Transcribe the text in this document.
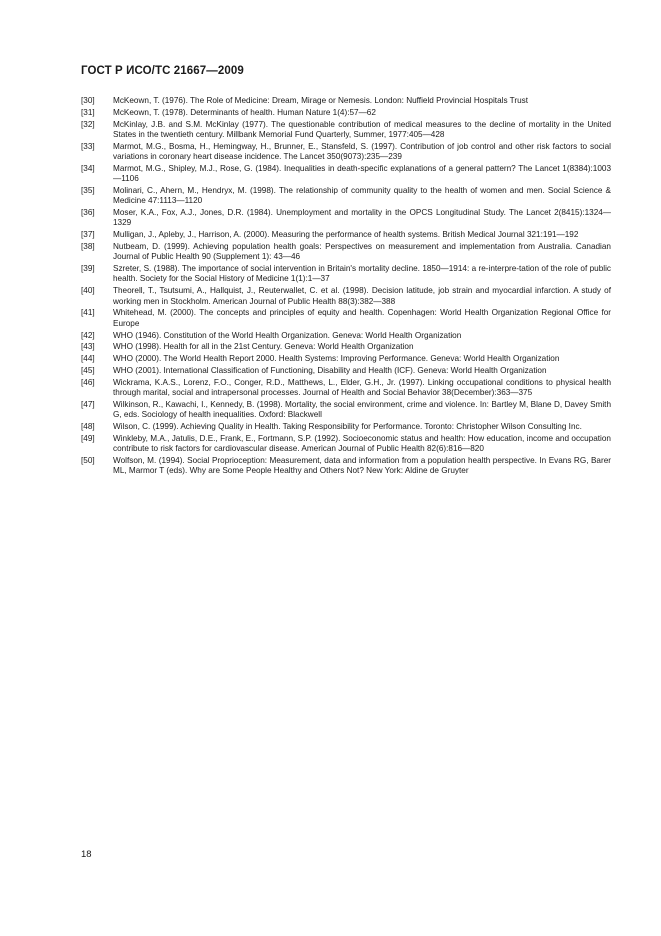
ГОСТ Р ИСО/ТС 21667—2009
[30]	McKeown, T. (1976). The Role of Medicine: Dream, Mirage or Nemesis. London: Nuffield Provincial Hospitals Trust
[31]	McKeown, T. (1978). Determinants of health. Human Nature 1(4):57—62
[32]	McKinlay, J.B. and S.M. McKinlay (1977). The questionable contribution of medical measures to the decline of mortality in the United States in the twentieth century. Millbank Memorial Fund Quarterly, Summer, 1977:405—428
[33]	Marmot, M.G., Bosma, H., Hemingway, H., Brunner, E., Stansfeld, S. (1997). Contribution of job control and other risk factors to social variations in coronary heart disease incidence. The Lancet 350(9073):235—239
[34]	Marmot, M.G., Shipley, M.J., Rose, G. (1984). Inequalities in death-specific explanations of a general pattern? The Lancet 1(8384):1003—1106
[35]	Molinari, C., Ahern, M., Hendryx, M. (1998). The relationship of community quality to the health of women and men. Social Science & Medicine 47:1113—1120
[36]	Moser, K.A., Fox, A.J., Jones, D.R. (1984). Unemployment and mortality in the OPCS Longitudinal Study. The Lancet 2(8415):1324—1329
[37]	Mulligan, J., Apleby, J., Harrison, A. (2000). Measuring the performance of health systems. British Medical Journal 321:191—192
[38]	Nutbeam, D. (1999). Achieving population health goals: Perspectives on measurement and implementation from Australia. Canadian Journal of Public Health 90 (Supplement 1): 43—46
[39]	Szreter, S. (1988). The importance of social intervention in Britain's mortality decline. 1850—1914: a re-interpre-tation of the role of public health. Society for the Social History of Medicine 1(1):1—37
[40]	Theorell, T., Tsutsumi, A., Hallquist, J., Reuterwallet, C. et al. (1998). Decision latitude, job strain and myocardial infarction. A study of working men in Stockholm. American Journal of Public Health 88(3):382—388
[41]	Whitehead, M. (2000). The concepts and principles of equity and health. Copenhagen: World Health Organization Regional Office for Europe
[42]	WHO (1946). Constitution of the World Health Organization. Geneva: World Health Organization
[43]	WHO (1998). Health for all in the 21st Century. Geneva: World Health Organization
[44]	WHO (2000). The World Health Report 2000. Health Systems: Improving Performance. Geneva: World Health Organization
[45]	WHO (2001). International Classification of Functioning, Disability and Health (ICF). Geneva: World Health Organization
[46]	Wickrama, K.A.S., Lorenz, F.O., Conger, R.D., Matthews, L., Elder, G.H., Jr. (1997). Linking occupational conditions to physical health through marital, social and intrapersonal processes. Journal of Health and Social Behavior 38(December):363—375
[47]	Wilkinson, R., Kawachi, I., Kennedy, B. (1998). Mortality, the social environment, crime and violence. In: Bartley M, Blane D, Davey Smith G, eds. Sociology of health inequalities. Oxford: Blackwell
[48]	Wilson, C. (1999). Achieving Quality in Health. Taking Responsibility for Performance. Toronto: Christopher Wilson Consulting Inc.
[49]	Winkleby, M.A., Jatulis, D.E., Frank, E., Fortmann, S.P. (1992). Socioeconomic status and health: How education, income and occupation contribute to risk factors for cardiovascular disease. American Journal of Public Health 82(6):816—820
[50]	Wolfson, M. (1994). Social Proprioception: Measurement, data and information from a population health perspective. In Evans RG, Barer ML, Marmor T (eds). Why are Some People Healthy and Others Not? New York: Aldine de Gruyter
18
